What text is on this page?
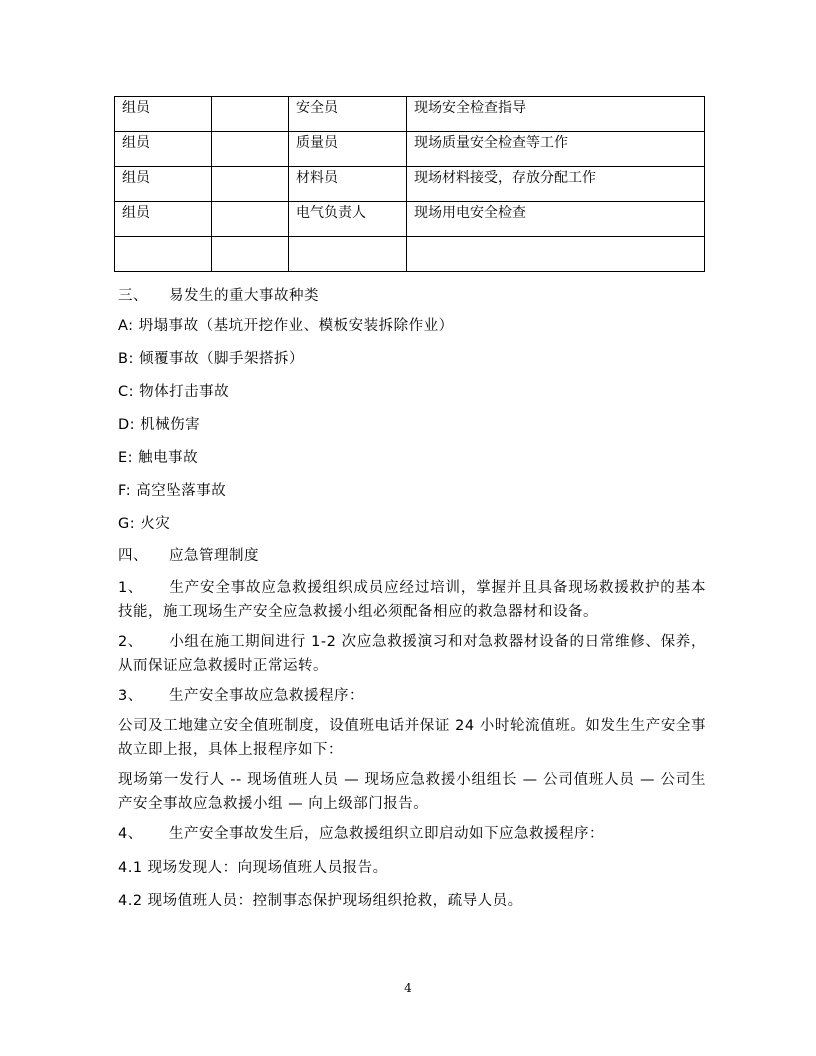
组员		安全员	现场安全检查指导
组员		质量员	现场质量安全检查等工作
组员		材料员	现场材料接受，存放分配工作
组员		电气负责人	现场用电安全检查

三、 易发生的重大事故种类
A: 坍塌事故（基坑开挖作业、模板安装拆除作业）
B: 倾覆事故（脚手架搭拆）
C: 物体打击事故
D: 机械伤害
E: 触电事故
F: 高空坠落事故
G: 火灾
四、 应急管理制度
1、 生产安全事故应急救援组织成员应经过培训，掌握并且具备现场救援救护的基本技能，施工现场生产安全应急救援小组必须配备相应的救急器材和设备。
2、 小组在施工期间进行 1-2 次应急救援演习和对急救器材设备的日常维修、保养，从而保证应急救援时正常运转。
3、 生产安全事故应急救援程序：
公司及工地建立安全值班制度，设值班电话并保证 24 小时轮流值班。如发生生产安全事故立即上报，具体上报程序如下：
现场第一发行人 -- 现场值班人员 — 现场应急救援小组组长 — 公司值班人员 — 公司生产安全事故应急救援小组 — 向上级部门报告。
4、 生产安全事故发生后，应急救援组织立即启动如下应急救援程序：
4.1 现场发现人：向现场值班人员报告。
4.2 现场值班人员：控制事态保护现场组织抢救，疏导人员。
4
